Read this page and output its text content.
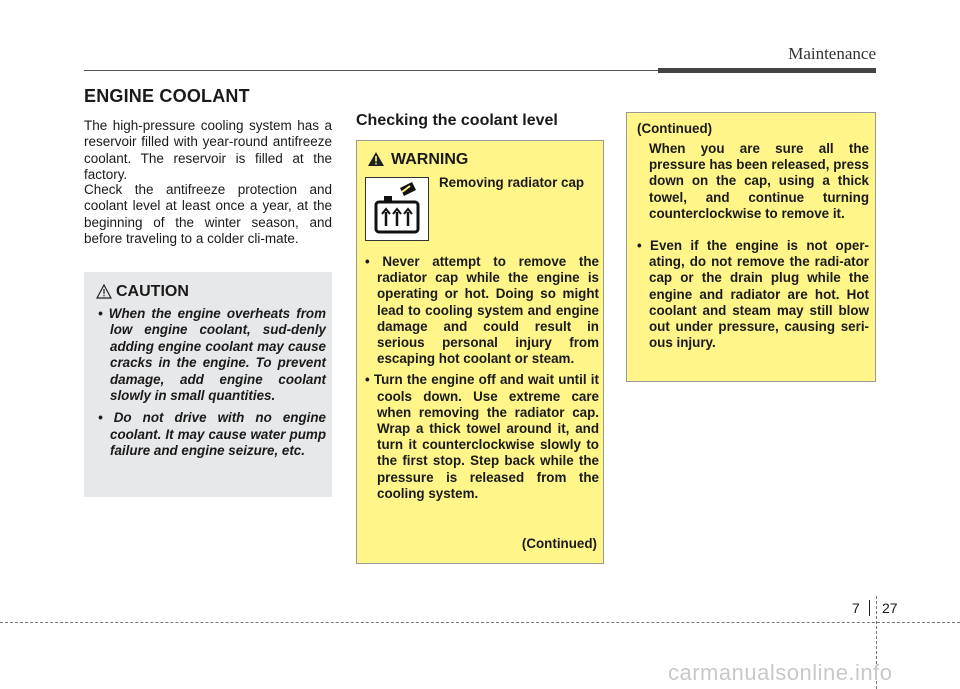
Maintenance
ENGINE COOLANT

The high-pressure cooling system has a reservoir filled with year-round antifreeze coolant. The reservoir is filled at the factory.

Check the antifreeze protection and coolant level at least once a year, at the beginning of the winter season, and before traveling to a colder cli-mate.

CAUTION
• When the engine overheats from low engine coolant, sud-denly adding engine coolant may cause cracks in the engine. To prevent damage, add engine coolant slowly in small quantities.
• Do not drive with no engine coolant. It may cause water pump failure and engine seizure, etc.
Checking the coolant level
WARNING
Removing radiator cap
• Never attempt to remove the radiator cap while the engine is operating or hot. Doing so might lead to cooling system and engine damage and could result in serious personal injury from escaping hot coolant or steam.
• Turn the engine off and wait until it cools down. Use extreme care when removing the radiator cap. Wrap a thick towel around it, and turn it counterclockwise slowly to the first stop. Step back while the pressure is released from the cooling system.
(Continued)
(Continued)

When you are sure all the pressure has been released, press down on the cap, using a thick towel, and continue turning counterclockwise to remove it.

• Even if the engine is not oper-ating, do not remove the radi-ator cap or the drain plug while the engine and radiator are hot. Hot coolant and steam may still blow out under pressure, causing seri-ous injury.
7 27
carmanualsonline.info
